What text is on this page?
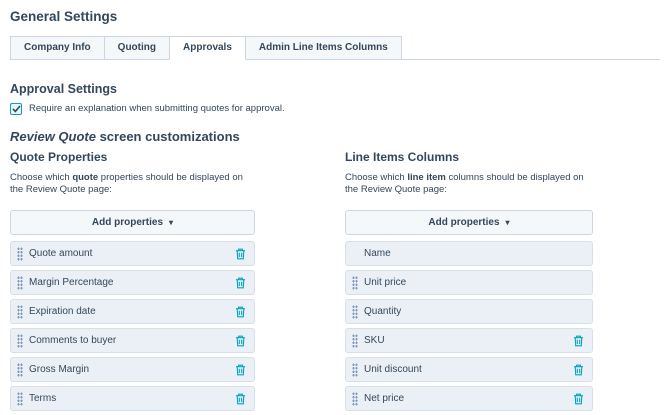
General Settings
Company Info	Quoting	Approvals	Admin Line Items Columns
Approval Settings
Require an explanation when submitting quotes for approval.
Review Quote screen customizations
Quote Properties

Choose which quote properties should be displayed on the Review Quote page:

Add properties ▾
Quote amount
Margin Percentage
Expiration date
Comments to buyer
Gross Margin
Terms
Line Items Columns

Choose which line item columns should be displayed on the Review Quote page:

Add properties ▾
Name
Unit price
Quantity
SKU
Unit discount
Net price
